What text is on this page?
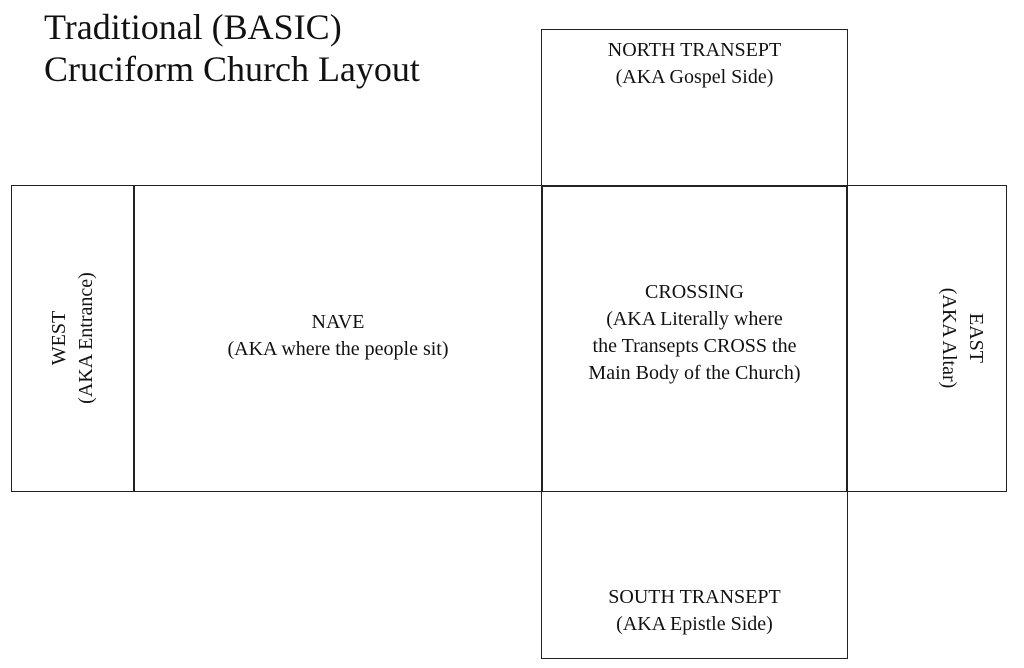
Traditional (BASIC)
Cruciform Church Layout	NORTH TRANSEPT
(AKA Gospel Side)
SOUTH TRANSEPT
(AKA Epistle Side)
NAVE
(AKA where the people sit)
CROSSING
(AKA Literally where
the Transepts CROSS the
Main Body of the Church)
WEST (AKA Entrance)	EAST
(AKA Altar)
